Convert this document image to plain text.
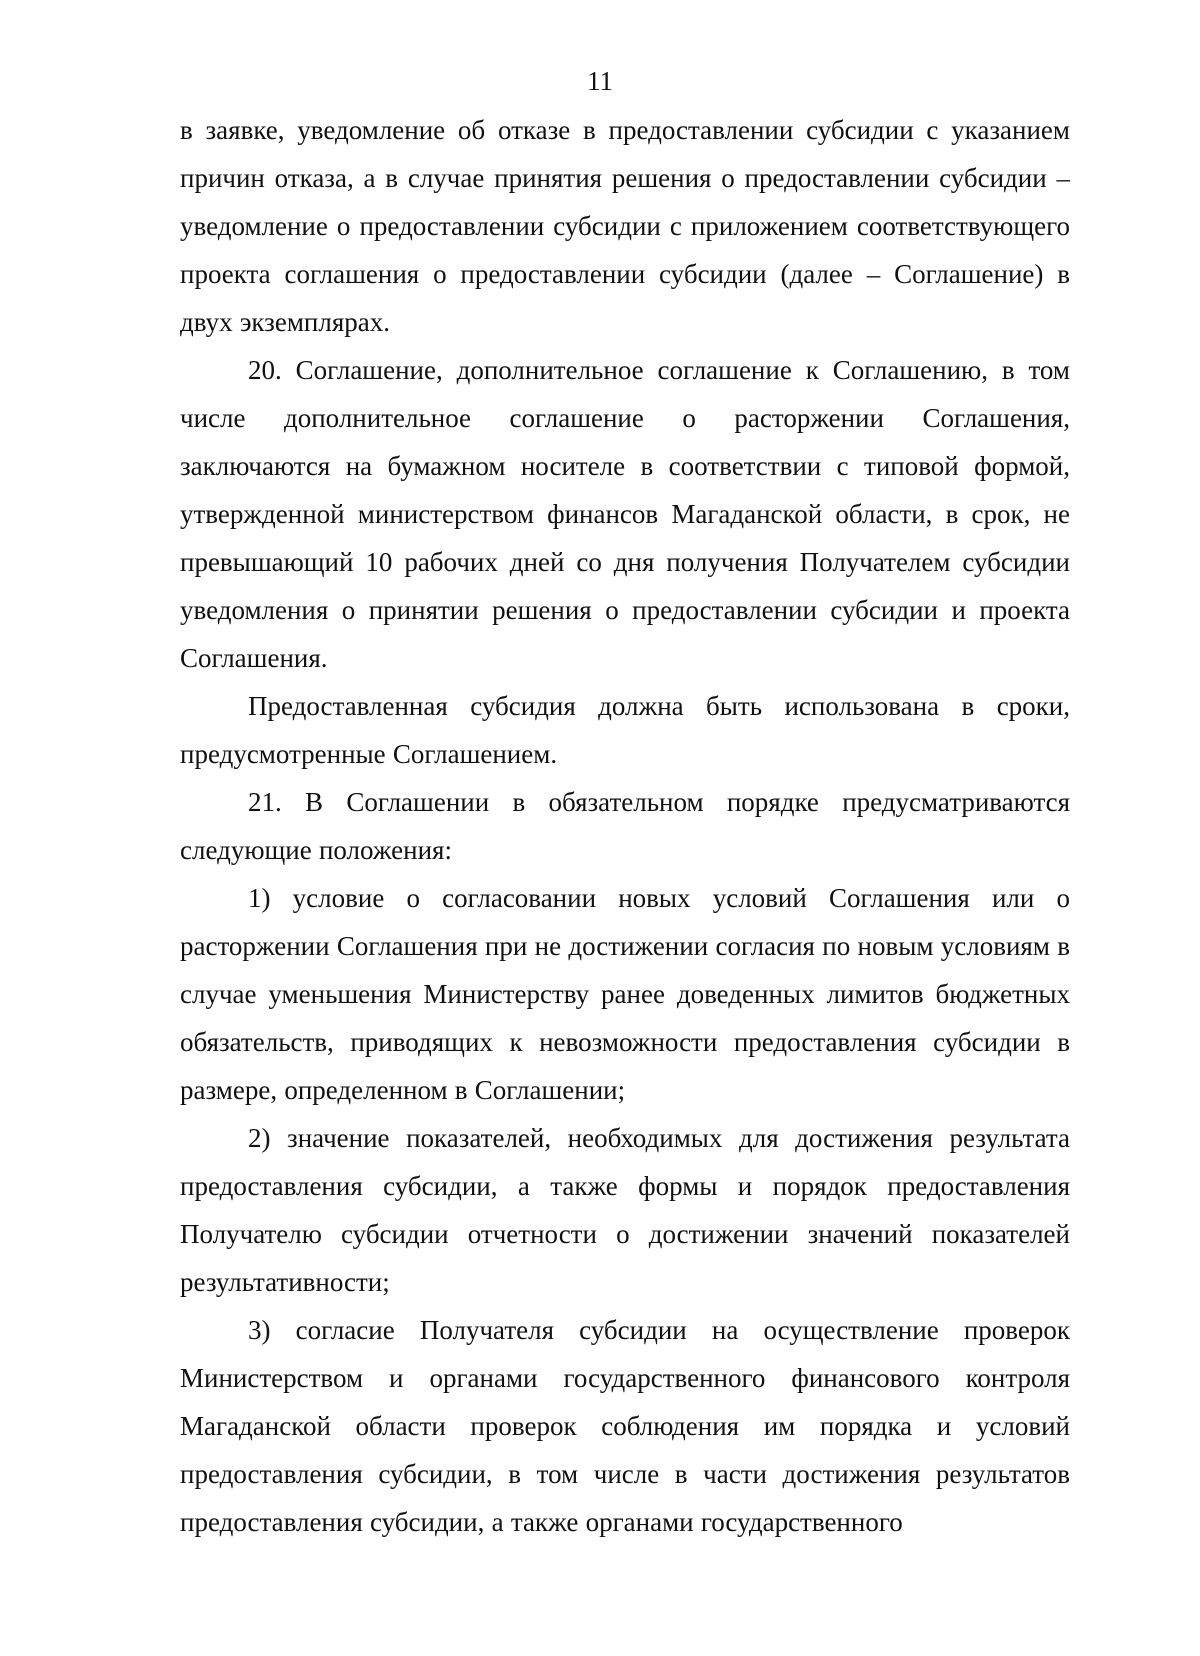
11

в заявке, уведомление об отказе в предоставлении субсидии с указанием причин отказа, а в случае принятия решения о предоставлении субсидии – уведомление о предоставлении субсидии с приложением соответствующего проекта соглашения о предоставлении субсидии (далее – Соглашение) в двух экземплярах.

20. Соглашение, дополнительное соглашение к Соглашению, в том числе дополнительное соглашение о расторжении Соглашения, заключаются на бумажном носителе в соответствии с типовой формой, утвержденной министерством финансов Магаданской области, в срок, не превышающий 10 рабочих дней со дня получения Получателем субсидии уведомления о принятии решения о предоставлении субсидии и проекта Соглашения.

Предоставленная субсидия должна быть использована в сроки, предусмотренные Соглашением.

21. В Соглашении в обязательном порядке предусматриваются следующие положения:

1) условие о согласовании новых условий Соглашения или о расторжении Соглашения при не достижении согласия по новым условиям в случае уменьшения Министерству ранее доведенных лимитов бюджетных обязательств, приводящих к невозможности предоставления субсидии в размере, определенном в Соглашении;

2) значение показателей, необходимых для достижения результата предоставления субсидии, а также формы и порядок предоставления Получателю субсидии отчетности о достижении значений показателей результативности;

3) согласие Получателя субсидии на осуществление проверок Министерством и органами государственного финансового контроля Магаданской области проверок соблюдения им порядка и условий предоставления субсидии, в том числе в части достижения результатов предоставления субсидии, а также органами государственного
